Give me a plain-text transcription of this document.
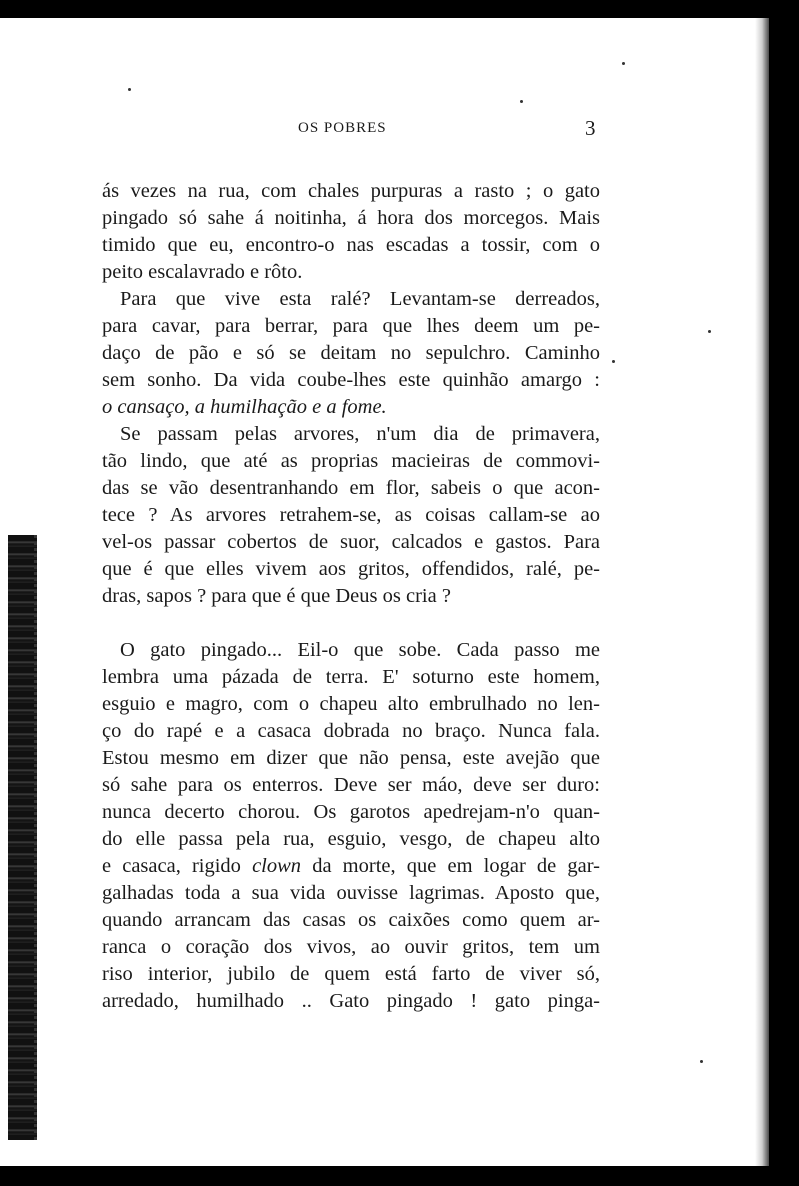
OS POBRES	3
ás vezes na rua, com chales purpuras a rasto ; o gato
pingado só sahe á noitinha, á hora dos morcegos. Mais
timido que eu, encontro-o nas escadas a tossir, com o
peito escalavrado e rôto.
Para que vive esta ralé? Levantam-se derreados,
para cavar, para berrar, para que lhes deem um pe-
daço de pão e só se deitam no sepulchro. Caminho
sem sonho. Da vida coube-lhes este quinhão amargo :
o cansaço, a humilhação e a fome.
Se passam pelas arvores, n'um dia de primavera,
tão lindo, que até as proprias macieiras de commovi-
das se vão desentranhando em flor, sabeis o que acon-
tece ? As arvores retrahem-se, as coisas callam-se ao
vel-os passar cobertos de suor, calcados e gastos. Para
que é que elles vivem aos gritos, offendidos, ralé, pe-
dras, sapos ? para que é que Deus os cria ?
O gato pingado... Eil-o que sobe. Cada passo me
lembra uma pázada de terra. E' soturno este homem,
esguio e magro, com o chapeu alto embrulhado no len-
ço do rapé e a casaca dobrada no braço. Nunca fala.
Estou mesmo em dizer que não pensa, este avejão que
só sahe para os enterros. Deve ser máo, deve ser duro:
nunca decerto chorou. Os garotos apedrejam-n'o quan-
do elle passa pela rua, esguio, vesgo, de chapeu alto
e casaca, rigido clown da morte, que em logar de gar-
galhadas toda a sua vida ouvisse lagrimas. Aposto que,
quando arrancam das casas os caixões como quem ar-
ranca o coração dos vivos, ao ouvir gritos, tem um
riso interior, jubilo de quem está farto de viver só,
arredado, humilhado .. Gato pingado ! gato pinga-
